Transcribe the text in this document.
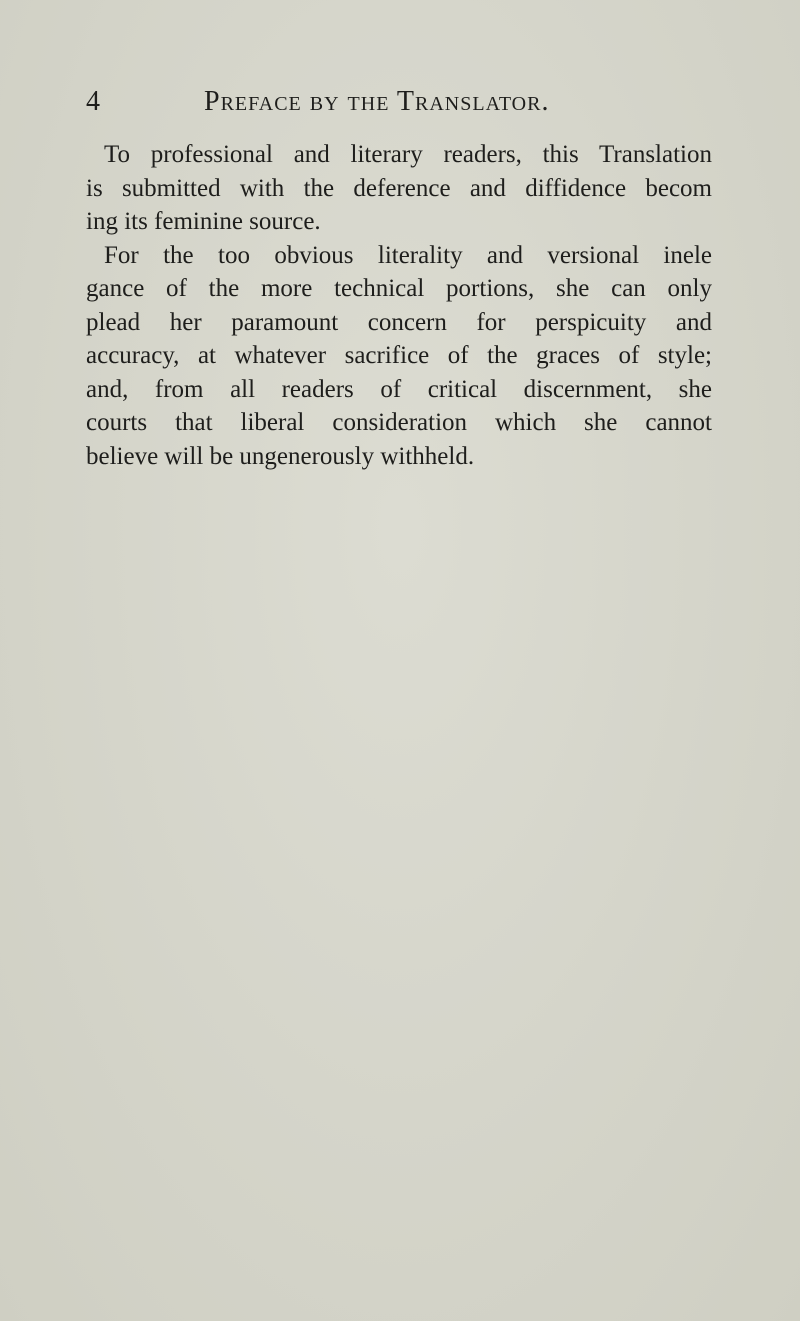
4	Preface by the Translator.
To professional and literary readers, this Translation
is submitted with the deference and diffidence becom
ing its feminine source.
For the too obvious literality and versional inele
gance of the more technical portions, she can only
plead her paramount concern for perspicuity and
accuracy, at whatever sacrifice of the graces of style;
and, from all readers of critical discernment, she
courts that liberal consideration which she cannot
believe will be ungenerously withheld.
